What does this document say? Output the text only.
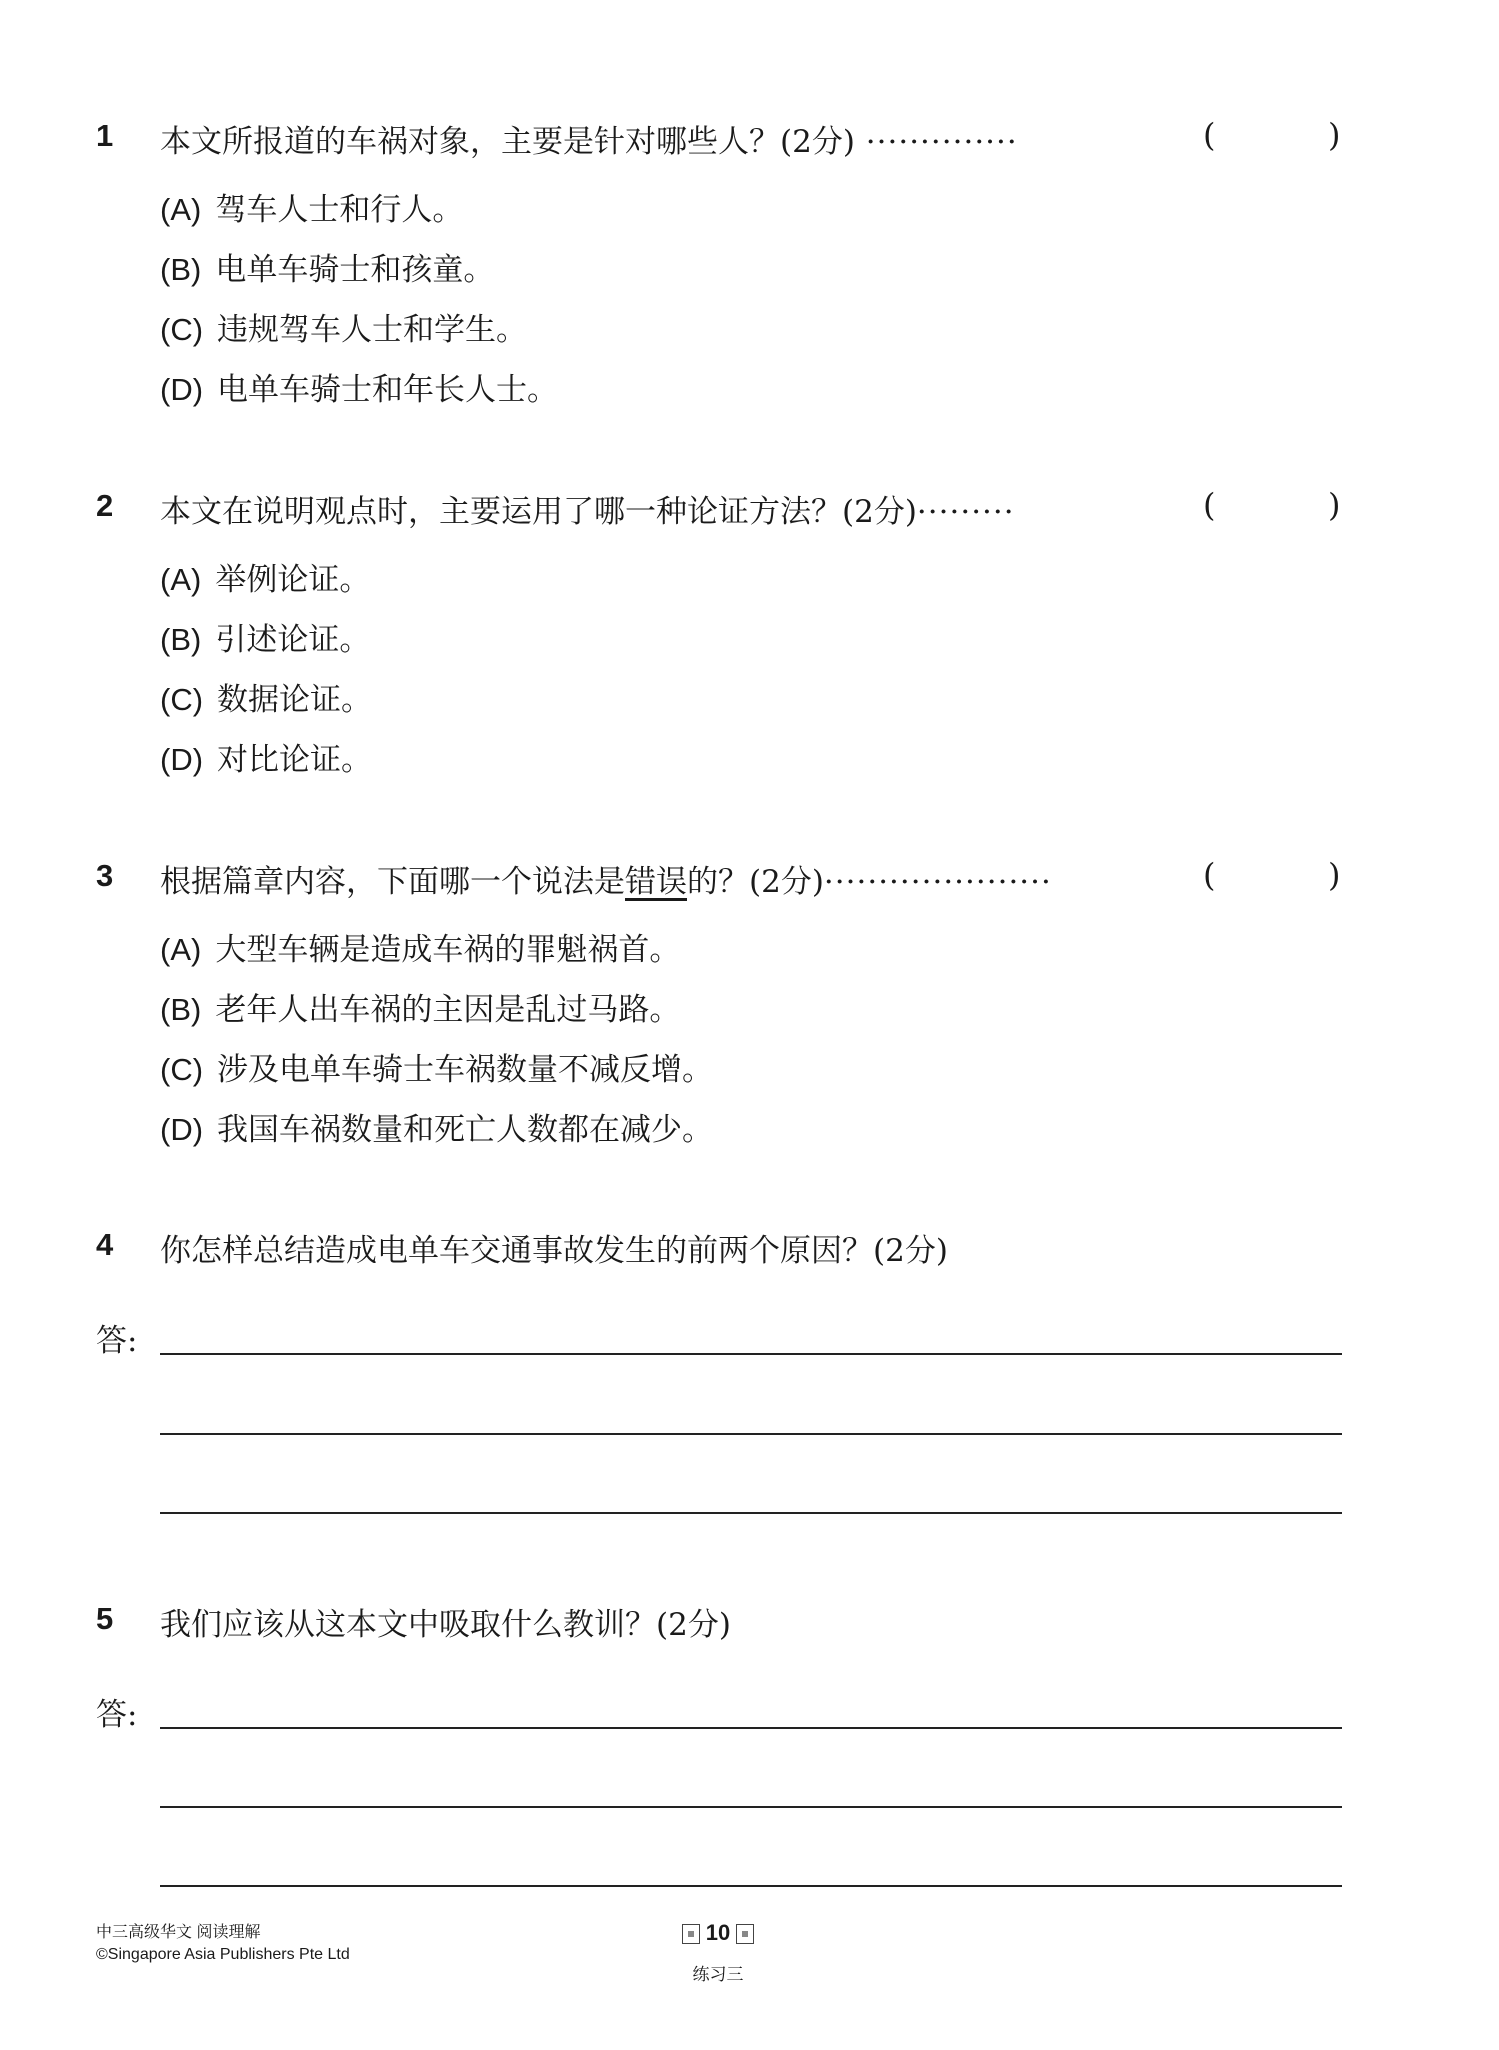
1 本文所报道的车祸对象，主要是针对哪些人？(2分) ··············	(	)
(A) 驾车人士和行人。
(B) 电单车骑士和孩童。
(C) 违规驾车人士和学生。
(D) 电单车骑士和年长人士。
2 本文在说明观点时，主要运用了哪一种论证方法？(2分)·········	(	)
(A) 举例论证。
(B) 引述论证。
(C) 数据论证。
(D) 对比论证。
3 根据篇章内容，下面哪一个说法是错误的？(2分)·····················	(	)
(A) 大型车辆是造成车祸的罪魁祸首。
(B) 老年人出车祸的主因是乱过马路。
(C) 涉及电单车骑士车祸数量不减反增。
(D) 我国车祸数量和死亡人数都在减少。
4 你怎样总结造成电单车交通事故发生的前两个原因？(2分)
答:
5 我们应该从这本文中吸取什么教训？(2分)
答:
中三高级华文 阅读理解
©Singapore Asia Publishers Pte Ltd
10
练习三
